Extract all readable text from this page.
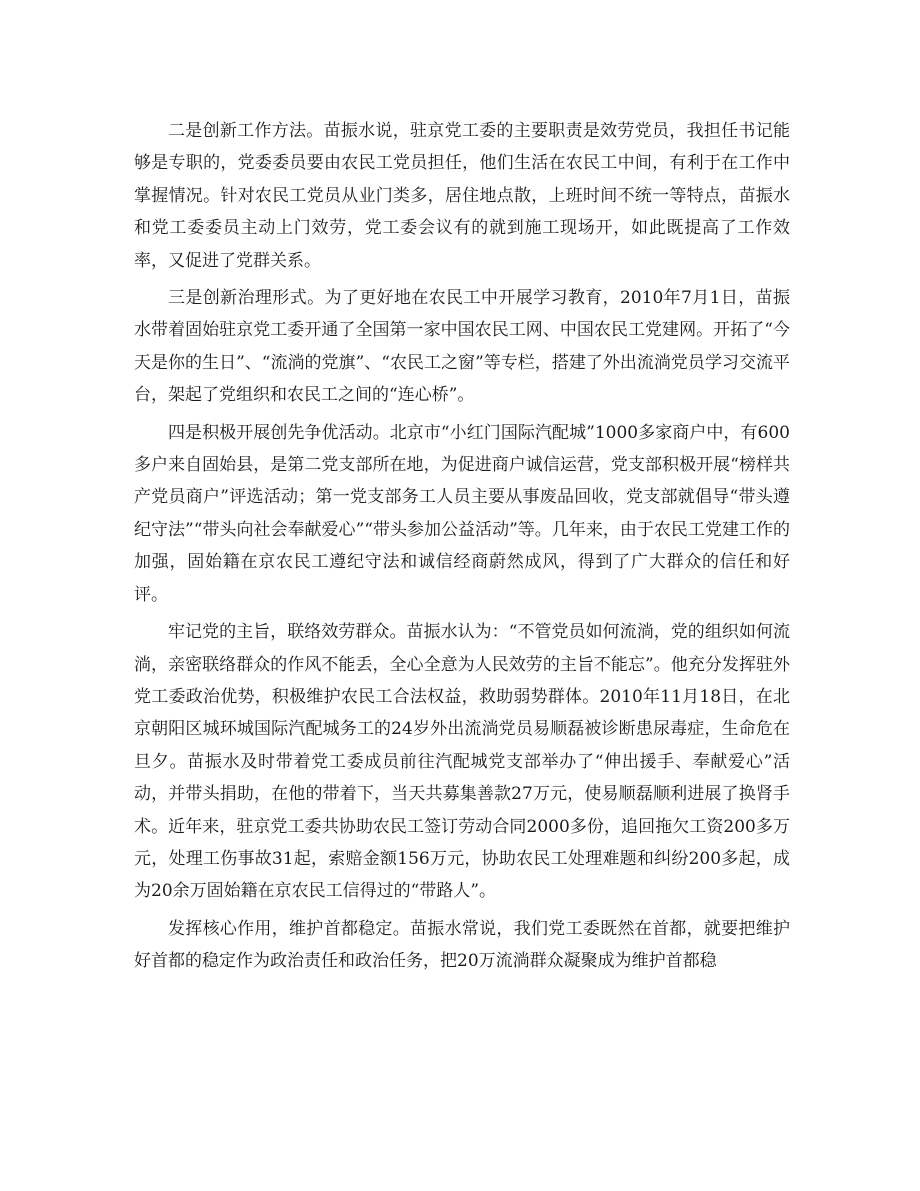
二是创新工作方法。苗振水说，驻京党工委的主要职责是效劳党员，我担任书记能够是专职的，党委委员要由农民工党员担任，他们生活在农民工中间，有利于在工作中掌握情况。针对农民工党员从业门类多，居住地点散，上班时间不统一等特点，苗振水和党工委委员主动上门效劳，党工委会议有的就到施工现场开，如此既提高了工作效率，又促进了党群关系。

三是创新治理形式。为了更好地在农民工中开展学习教育，2010年7月1日，苗振水带着固始驻京党工委开通了全国第一家中国农民工网、中国农民工党建网。开拓了“今天是你的生日”、“流淌的党旗”、“农民工之窗”等专栏，搭建了外出流淌党员学习交流平台，架起了党组织和农民工之间的“连心桥”。

四是积极开展创先争优活动。北京市“小红门国际汽配城”1000多家商户中，有600多户来自固始县，是第二党支部所在地，为促进商户诚信运营，党支部积极开展“榜样共产党员商户”评选活动；第一党支部务工人员主要从事废品回收，党支部就倡导“带头遵纪守法”“带头向社会奉献爱心”“带头参加公益活动”等。几年来，由于农民工党建工作的加强，固始籍在京农民工遵纪守法和诚信经商蔚然成风，得到了广大群众的信任和好评。

牢记党的主旨，联络效劳群众。苗振水认为：“不管党员如何流淌，党的组织如何流淌，亲密联络群众的作风不能丢，全心全意为人民效劳的主旨不能忘”。他充分发挥驻外党工委政治优势，积极维护农民工合法权益，救助弱势群体。2010年11月18日，在北京朝阳区城环城国际汽配城务工的24岁外出流淌党员易顺磊被诊断患尿毒症，生命危在旦夕。苗振水及时带着党工委成员前往汽配城党支部举办了“伸出援手、奉献爱心”活动，并带头捐助，在他的带着下，当天共募集善款27万元，使易顺磊顺利进展了换肾手术。近年来，驻京党工委共协助农民工签订劳动合同2000多份，追回拖欠工资200多万元，处理工伤事故31起，索赔金额156万元，协助农民工处理难题和纠纷200多起，成为20余万固始籍在京农民工信得过的“带路人”。

发挥核心作用，维护首都稳定。苗振水常说，我们党工委既然在首都，就要把维护好首都的稳定作为政治责任和政治任务，把20万流淌群众凝聚成为维护首都稳
